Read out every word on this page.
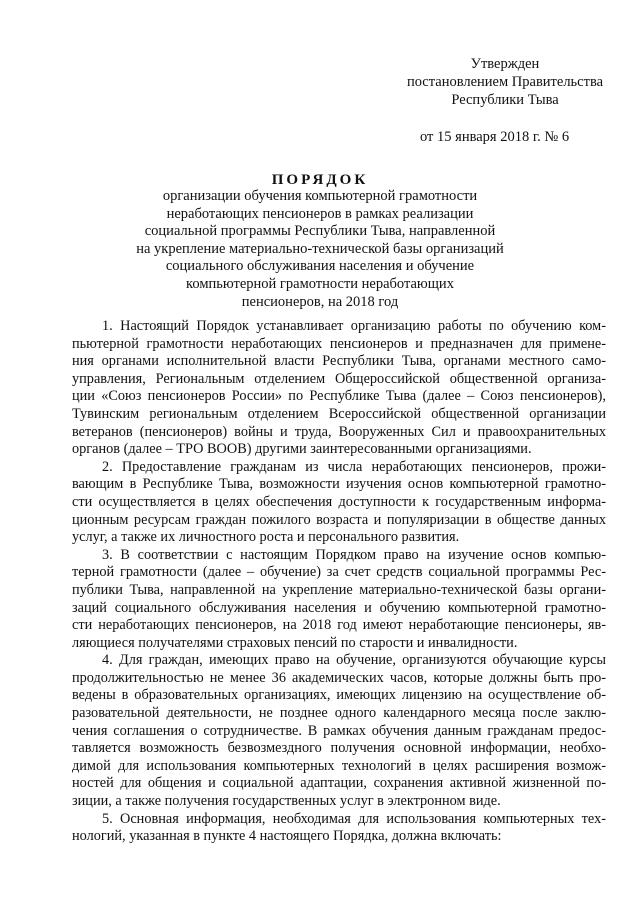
Утвержден
постановлением Правительства
Республики Тыва
от 15 января 2018 г. № 6
ПОРЯДОК
организации обучения компьютерной грамотности
неработающих пенсионеров в рамках реализации
социальной программы Республики Тыва, направленной
на укрепление материально-технической базы организаций
социального обслуживания населения и обучение
компьютерной грамотности неработающих
пенсионеров, на 2018 год
1. Настоящий Порядок устанавливает организацию работы по обучению ком-
пьютерной грамотности неработающих пенсионеров и предназначен для примене-
ния органами исполнительной власти Республики Тыва, органами местного само-
управления, Региональным отделением Общероссийской общественной организа-
ции «Союз пенсионеров России» по Республике Тыва (далее – Союз пенсионеров),
Тувинским региональным отделением Всероссийской общественной организации
ветеранов (пенсионеров) войны и труда, Вооруженных Сил и правоохранительных
органов (далее – ТРО ВООВ) другими заинтересованными организациями.
2. Предоставление гражданам из числа неработающих пенсионеров, прожи-
вающим в Республике Тыва, возможности изучения основ компьютерной грамотно-
сти осуществляется в целях обеспечения доступности к государственным информа-
ционным ресурсам граждан пожилого возраста и популяризации в обществе данных
услуг, а также их личностного роста и персонального развития.
3. В соответствии с настоящим Порядком право на изучение основ компью-
терной грамотности (далее – обучение) за счет средств социальной программы Рес-
публики Тыва, направленной на укрепление материально-технической базы органи-
заций социального обслуживания населения и обучению компьютерной грамотно-
сти неработающих пенсионеров, на 2018 год имеют неработающие пенсионеры, яв-
ляющиеся получателями страховых пенсий по старости и инвалидности.
4. Для граждан, имеющих право на обучение, организуются обучающие курсы
продолжительностью не менее 36 академических часов, которые должны быть про-
ведены в образовательных организациях, имеющих лицензию на осуществление об-
разовательной деятельности, не позднее одного календарного месяца после заклю-
чения соглашения о сотрудничестве. В рамках обучения данным гражданам предос-
тавляется возможность безвозмездного получения основной информации, необхо-
димой для использования компьютерных технологий в целях расширения возмож-
ностей для общения и социальной адаптации, сохранения активной жизненной по-
зиции, а также получения государственных услуг в электронном виде.
5. Основная информация, необходимая для использования компьютерных тех-
нологий, указанная в пункте 4 настоящего Порядка, должна включать:
